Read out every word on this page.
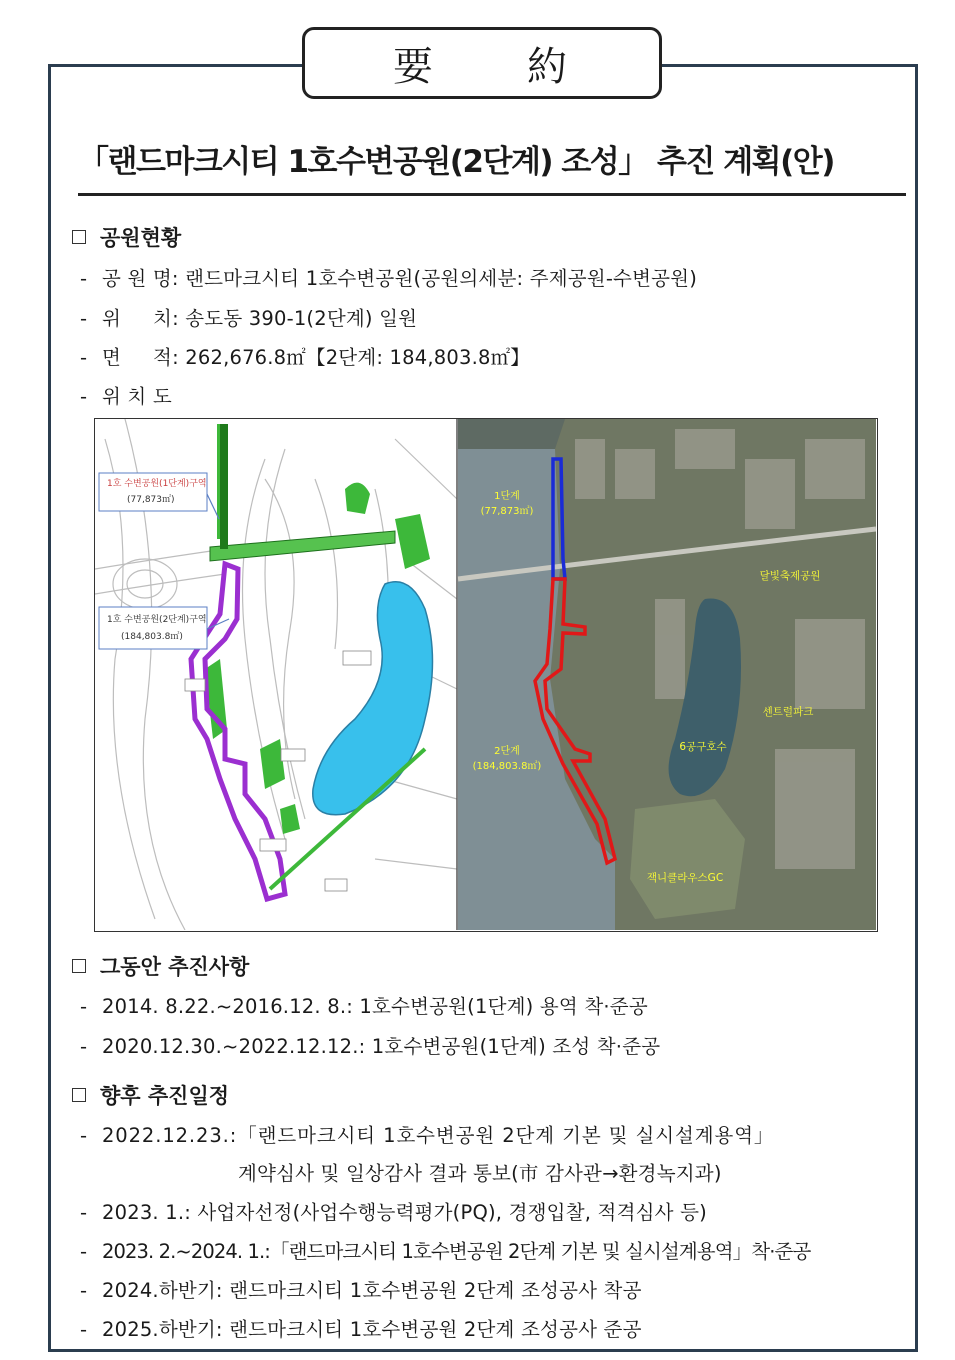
要 約
「랜드마크시티 1호수변공원(2단계) 조성」 추진 계획(안)
공원현황
- 공 원 명: 랜드마크시티 1호수변공원(공원의세분: 주제공원-수변공원)
- 위     치: 송도동 390-1(2단계) 일원
- 면     적: 262,676.8㎡【2단계: 184,803.8㎡】
- 위 치 도
1호 수변공원(1단계)구역
(77,873㎡)
1호 수변공원(2단계)구역
(184,803.8㎡)
1단계
(77,873㎡)
2단계
(184,803.8㎡)
달빛축제공원
센트럴파크
6공구호수
잭니클라우스GC
그동안 추진사항
- 2014. 8.22.~2016.12. 8.: 1호수변공원(1단계) 용역 착·준공
- 2020.12.30.~2022.12.12.: 1호수변공원(1단계) 조성 착·준공
향후 추진일정
- 2022.12.23.:「랜드마크시티 1호수변공원 2단계 기본 및 실시설계용역」
계약심사 및 일상감사 결과 통보(市 감사관→환경녹지과)
- 2023. 1.: 사업자선정(사업수행능력평가(PQ), 경쟁입찰, 적격심사 등)
- 2023. 2.~2024. 1.:「랜드마크시티 1호수변공원 2단계 기본 및 실시설계용역」착·준공
- 2024.하반기: 랜드마크시티 1호수변공원 2단계 조성공사 착공
- 2025.하반기: 랜드마크시티 1호수변공원 2단계 조성공사 준공
